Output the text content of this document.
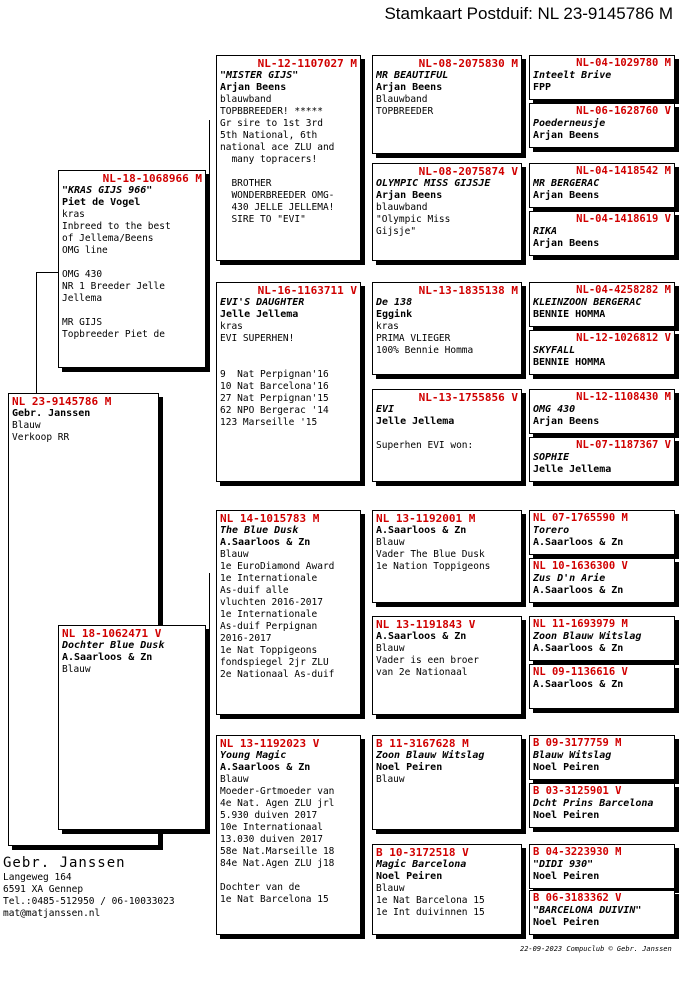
Stamkaart Postduif: NL 23-9145786 M
NL 23-9145786 M
Gebr. Janssen
Blauw
Verkoop RR
NL-18-1068966 M
"KRAS GIJS 966"
Piet de Vogel
kras
Inbreed to the best
of Jellema/Beens
OMG line

OMG 430
NR 1 Breeder Jelle
Jellema

MR GIJS
Topbreeder Piet de
NL 18-1062471 V
Dochter Blue Dusk
A.Saarloos & Zn
Blauw
NL-12-1107027 M
"MISTER GIJS"
Arjan Beens
blauwband
TOPBBREEDER! *****
Gr sire to 1st 3rd
5th National, 6th
national ace ZLU and
many topracers!

BROTHER
WONDERBREEDER OMG-
430 JELLE JELLEMA!
SIRE TO "EVI"
NL-16-1163711 V
EVI'S DAUGHTER
Jelle Jellema
kras
EVI SUPERHEN!

9  Nat Perpignan'16
10 Nat Barcelona'16
27 Nat Perpignan'15
62 NPO Bergerac '14
123 Marseille '15
NL 14-1015783 M
The Blue Dusk
A.Saarloos & Zn
Blauw
1e EuroDiamond Award
1e Internationale
As-duif alle
vluchten 2016-2017
1e Internationale
As-duif Perpignan
2016-2017
1e Nat Toppigeons
fondspiegel 2jr ZLU
2e Nationaal As-duif
NL 13-1192023 V
Young Magic
A.Saarloos & Zn
Blauw
Moeder-Grtmoeder van
4e Nat. Agen ZLU jrl
5.930 duiven 2017
10e Internationaal
13.030 duiven 2017
58e Nat.Marseille 18
84e Nat.Agen ZLU j18

Dochter van de
1e Nat Barcelona 15
NL-08-2075830 M
MR BEAUTIFUL
Arjan Beens
Blauwband
TOPBREEDER
NL-08-2075874 V
OLYMPIC MISS GIJSJE
Arjan Beens
blauwband
"Olympic Miss
Gijsje"
NL-13-1835138 M
De 138
Eggink
kras
PRIMA VLIEGER
100% Bennie Homma
NL-13-1755856 V
EVI
Jelle Jellema

Superhen EVI won:
NL 13-1192001 M
A.Saarloos & Zn
Blauw
Vader The Blue Dusk
1e Nation Toppigeons
NL 13-1191843 V
A.Saarloos & Zn
Blauw
Vader is een broer
van 2e Nationaal
B 11-3167628 M
Zoon Blauw Witslag
Noel Peiren
Blauw
B 10-3172518 V
Magic Barcelona
Noel Peiren
Blauw
1e Nat Barcelona 15
1e Int duivinnen 15
NL-04-1029780 M
Inteelt Brive
FPP
NL-06-1628760 V
Poederneusje
Arjan Beens
NL-04-1418542 M
MR BERGERAC
Arjan Beens
NL-04-1418619 V
RIKA
Arjan Beens
NL-04-4258282 M
KLEINZOON BERGERAC
BENNIE HOMMA
NL-12-1026812 V
SKYFALL
BENNIE HOMMA
NL-12-1108430 M
OMG 430
Arjan Beens
NL-07-1187367 V
SOPHIE
Jelle Jellema
NL 07-1765590 M
Torero
A.Saarloos & Zn
NL 10-1636300 V
Zus D'n Arie
A.Saarloos & Zn
NL 11-1693979 M
Zoon Blauw Witslag
A.Saarloos & Zn
NL 09-1136616 V
A.Saarloos & Zn
B 09-3177759 M
Blauw Witslag
Noel Peiren
B 03-3125901 V
Dcht Prins Barcelona
Noel Peiren
B 04-3223930 M
"DIDI 930"
Noel Peiren
B 06-3183362 V
"BARCELONA DUIVIN"
Noel Peiren
Gebr. Janssen
Langeweg 164
6591 XA Gennep
Tel.:0485-512950 / 06-10033023
mat@matjanssen.nl
22-09-2023 Compuclub © Gebr. Janssen
